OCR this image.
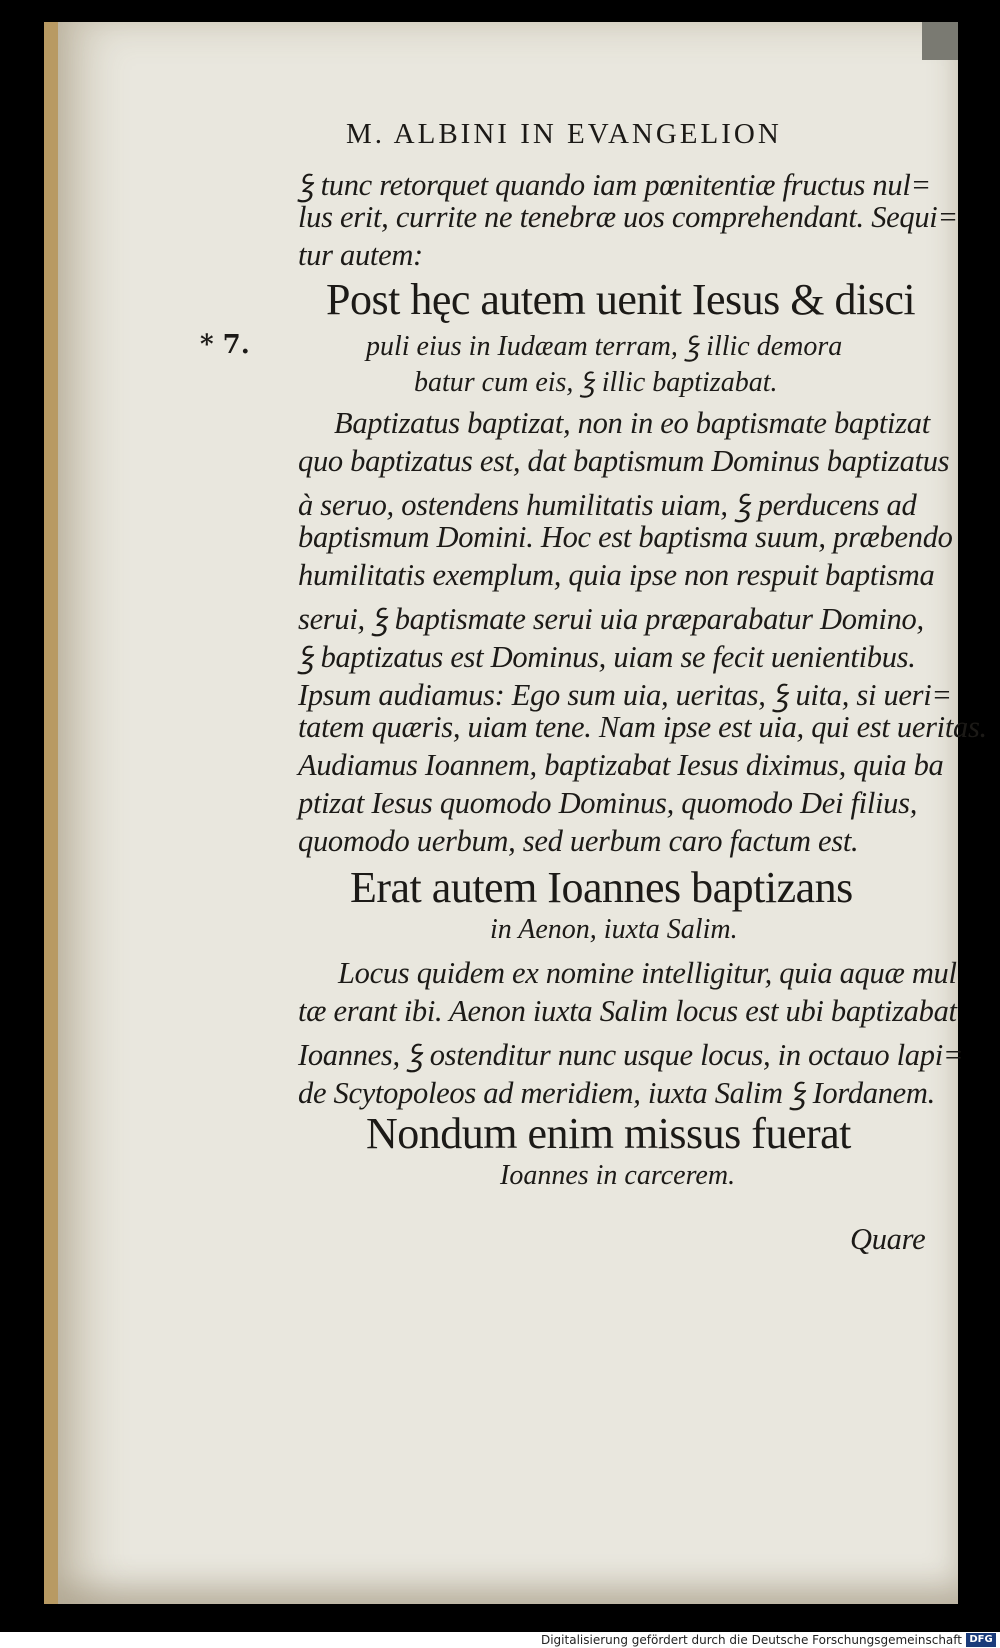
M. ALBINI IN EVANGELION
* 7.
ꝣ tunc retorquet quando iam pœnitentiæ fructus nul=
lus erit, currite ne tenebræ uos comprehendant. Sequi=
tur autem:
Post hęc autem uenit Iesus & disci
puli eius in Iudæam terram, ꝣ illic demora
batur cum eis, ꝣ illic baptizabat.
Baptizatus baptizat, non in eo baptismate baptizat
quo baptizatus est, dat baptismum Dominus baptizatus
à seruo, ostendens humilitatis uiam, ꝣ perducens ad
baptismum Domini. Hoc est baptisma suum, præbendo
humilitatis exemplum, quia ipse non respuit baptisma
serui, ꝣ baptismate serui uia præparabatur Domino,
ꝣ baptizatus est Dominus, uiam se fecit uenientibus.
Ipsum audiamus: Ego sum uia, ueritas, ꝣ uita, si ueri=
tatem quæris, uiam tene. Nam ipse est uia, qui est ueritas.
Audiamus Ioannem, baptizabat Iesus diximus, quia ba
ptizat Iesus quomodo Dominus, quomodo Dei filius,
quomodo uerbum, sed uerbum caro factum est.
Erat autem Ioannes baptizans
in Aenon, iuxta Salim.
Locus quidem ex nomine intelligitur, quia aquæ mul
tæ erant ibi. Aenon iuxta Salim locus est ubi baptizabat
Ioannes, ꝣ ostenditur nunc usque locus, in octauo lapi=
de Scytopoleos ad meridiem, iuxta Salim ꝣ Iordanem.
Nondum enim missus fuerat
Ioannes in carcerem.
Quare
Digitalisierung gefördert durch die Deutsche Forschungsgemeinschaft DFG
